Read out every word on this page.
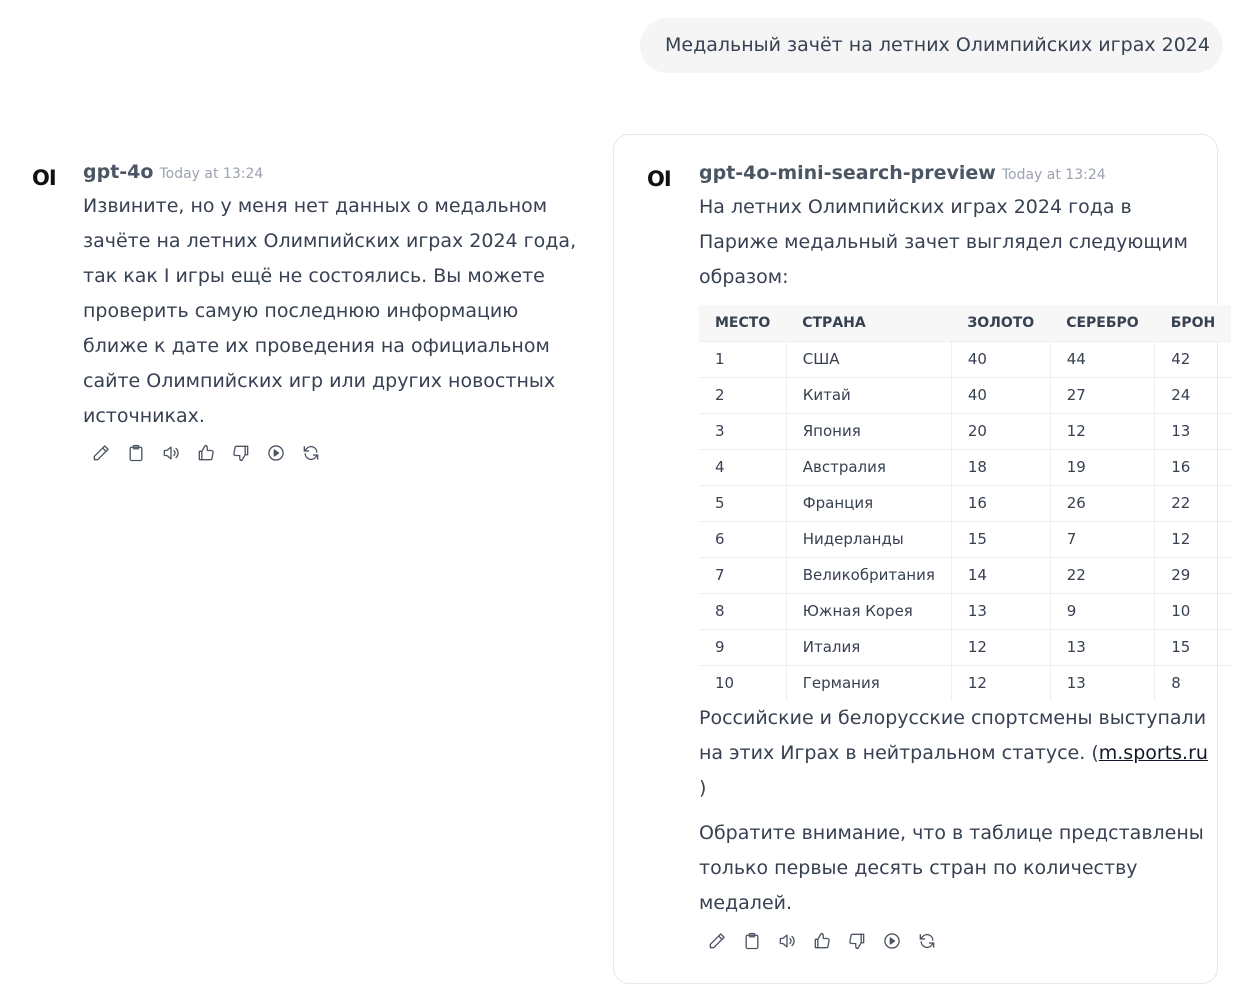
Медальный зачёт на летних Олимпийских играх 2024
OI gpt-4o Today at 13:24
Извините, но у меня нет данных о медальном зачёте на летних Олимпийских играх 2024 года, так как I игры ещё не состоялись. Вы можете проверить самую последнюю информацию ближе к дате их проведения на официальном сайте Олимпийских игр или других новостных источниках.
OI gpt-4o-mini-search-preview Today at 13:24
На летних Олимпийских играх 2024 года в Париже медальный зачет выглядел следующим образом:
МЕСТО	СТРАНА	ЗОЛОТО	СЕРЕБРО	БРОН
1	США	40	44	42
2	Китай	40	27	24
3	Япония	20	12	13
4	Австралия	18	19	16
5	Франция	16	26	22
6	Нидерланды	15	7	12
7	Великобритания	14	22	29
8	Южная Корея	13	9	10
9	Италия	12	13	15
10	Германия	12	13	8
Российские и белорусские спортсмены выступали на этих Играх в нейтральном статусе. (m.sports.ru )
Обратите внимание, что в таблице представлены только первые десять стран по количеству медалей.
